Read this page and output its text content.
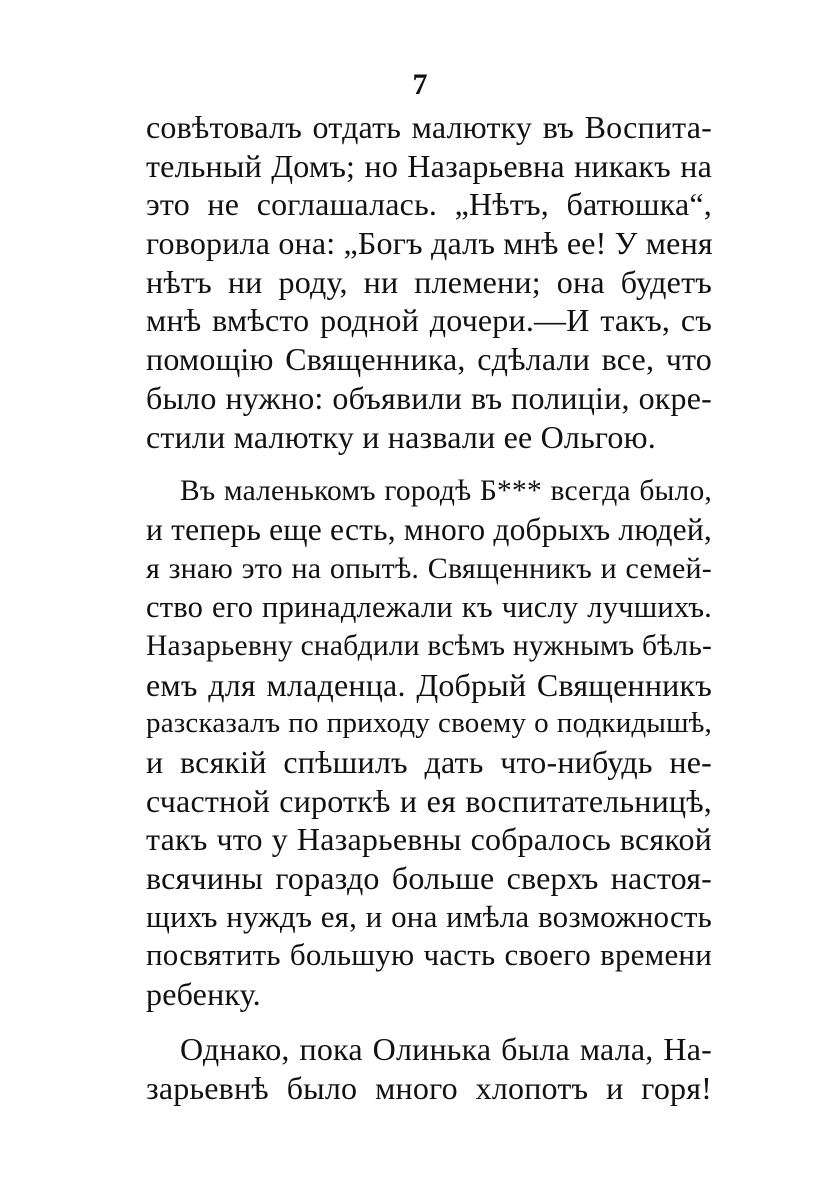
7
совѣтовалъ отдать малютку въ Воспита-
тельный Домъ; но Назарьевна никакъ на
это не соглашалась. „Нѣтъ, батюшка“,
говорила она: „Богъ далъ мнѣ ее! У меня
нѣтъ ни роду, ни племени; она будетъ
мнѣ вмѣсто родной дочери.—И такъ, съ
помощію Священника, сдѣлали все, что
было нужно: объявили въ полиціи, окре-
стили малютку и назвали ее Ольгою.
Въ маленькомъ городѣ Б*** всегда было,
и теперь еще есть, много добрыхъ людей,
я знаю это на опытѣ. Священникъ и семей-
ство его принадлежали къ числу лучшихъ.
Назарьевну снабдили всѣмъ нужнымъ бѣль-
емъ для младенца. Добрый Священникъ
разсказалъ по приходу своему о подкидышѣ,
и всякій спѣшилъ дать что-нибудь не-
счастной сироткѣ и ея воспитательницѣ,
такъ что у Назарьевны собралось всякой
всячины гораздо больше сверхъ настоя-
щихъ нуждъ ея, и она имѣла возможность
посвятить большую часть своего времени
ребенку.
Однако, пока Олинька была мала, На-
зарьевнѣ было много хлопотъ и горя!
